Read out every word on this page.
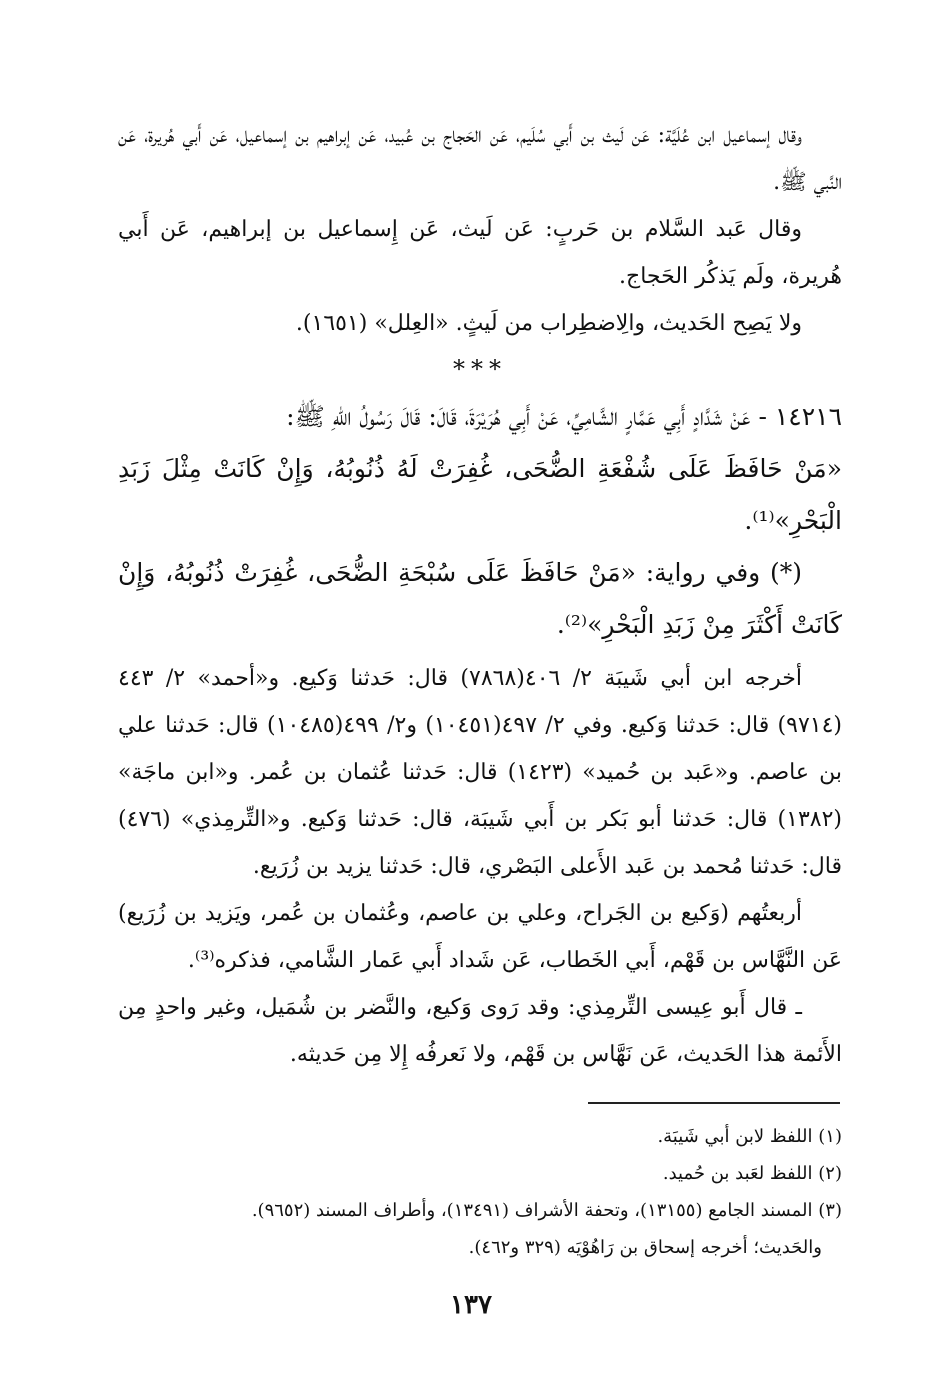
وقال إسماعيل ابن عُلَيَّة: عَن لَيث بن أَبي سُلَيم، عَن الحَجاج بن عُبيد، عَن إبراهيم بن إسماعيل، عَن أَبي هُريرة، عَن النَّبي ﷺ.

وقال عَبد السَّلام بن حَربٍ: عَن لَيث، عَن إِسماعيل بن إبراهيم، عَن أَبي هُريرة، ولَم يَذكُر الحَجاج.

ولا يَصِح الحَديث، والِاضطِراب من لَيثٍ. «العِلل» (١٦٥١).

***

١٤٢١٦ - عَنْ شَدَّادٍ أَبِي عَمَّارٍ الشَّامِيِّ، عَنْ أَبِي هُرَيْرَةَ، قَالَ: قَالَ رَسُولُ اللهِ ﷺ:

«مَنْ حَافَظَ عَلَى شُفْعَةِ الضُّحَى، غُفِرَتْ لَهُ ذُنُوبُهُ، وَإِنْ كَانَتْ مِثْلَ زَبَدِ الْبَحْرِ»⁽¹⁾.

(*) وفي رواية: «مَنْ حَافَظَ عَلَى سُبْحَةِ الضُّحَى، غُفِرَتْ ذُنُوبُهُ، وَإِنْ كَانَتْ أَكْثَرَ مِنْ زَبَدِ الْبَحْرِ»⁽²⁾.

أخرجه ابن أبي شَيبَة ٢/ ٤٠٦(٧٨٦٨) قال: حَدثنا وَكيع. و«أحمد» ٢/ ٤٤٣ (٩٧١٤) قال: حَدثنا وَكيع. وفي ٢/ ٤٩٧(١٠٤٥١) و٢/ ٤٩٩(١٠٤٨٥) قال: حَدثنا علي بن عاصم. و«عَبد بن حُميد» (١٤٢٣) قال: حَدثنا عُثمان بن عُمر. و«ابن ماجَة» (١٣٨٢) قال: حَدثنا أبو بَكر بن أَبي شَيبَة، قال: حَدثنا وَكيع. و«التِّرمِذي» (٤٧٦) قال: حَدثنا مُحمد بن عَبد الأَعلى البَصْري، قال: حَدثنا يزيد بن زُرَيع.

أربعتُهم (وَكيع بن الجَراح، وعلي بن عاصم، وعُثمان بن عُمر، ويَزيد بن زُرَيع) عَن النَّهَّاس بن قَهْم، أَبي الخَطاب، عَن شَداد أَبي عَمار الشَّامي، فذكره⁽³⁾.

ـ قال أَبو عِيسى التِّرمِذي: وقد رَوى وَكيع، والنَّضر بن شُمَيل، وغير واحدٍ مِن الأَئمة هذا الحَديث، عَن نَهَّاس بن قَهْم، ولا نَعرفُه إِلا مِن حَديثه.

(١) اللفظ لابن أبي شَيبَة.

(٢) اللفظ لعَبد بن حُميد.

(٣) المسند الجامع (١٣١٥٥)، وتحفة الأشراف (١٣٤٩١)، وأطراف المسند (٩٦٥٢).

والحَديث؛ أخرجه إسحاق بن رَاهُوْيَه (٣٢٩ و٤٦٢).

١٣٧
